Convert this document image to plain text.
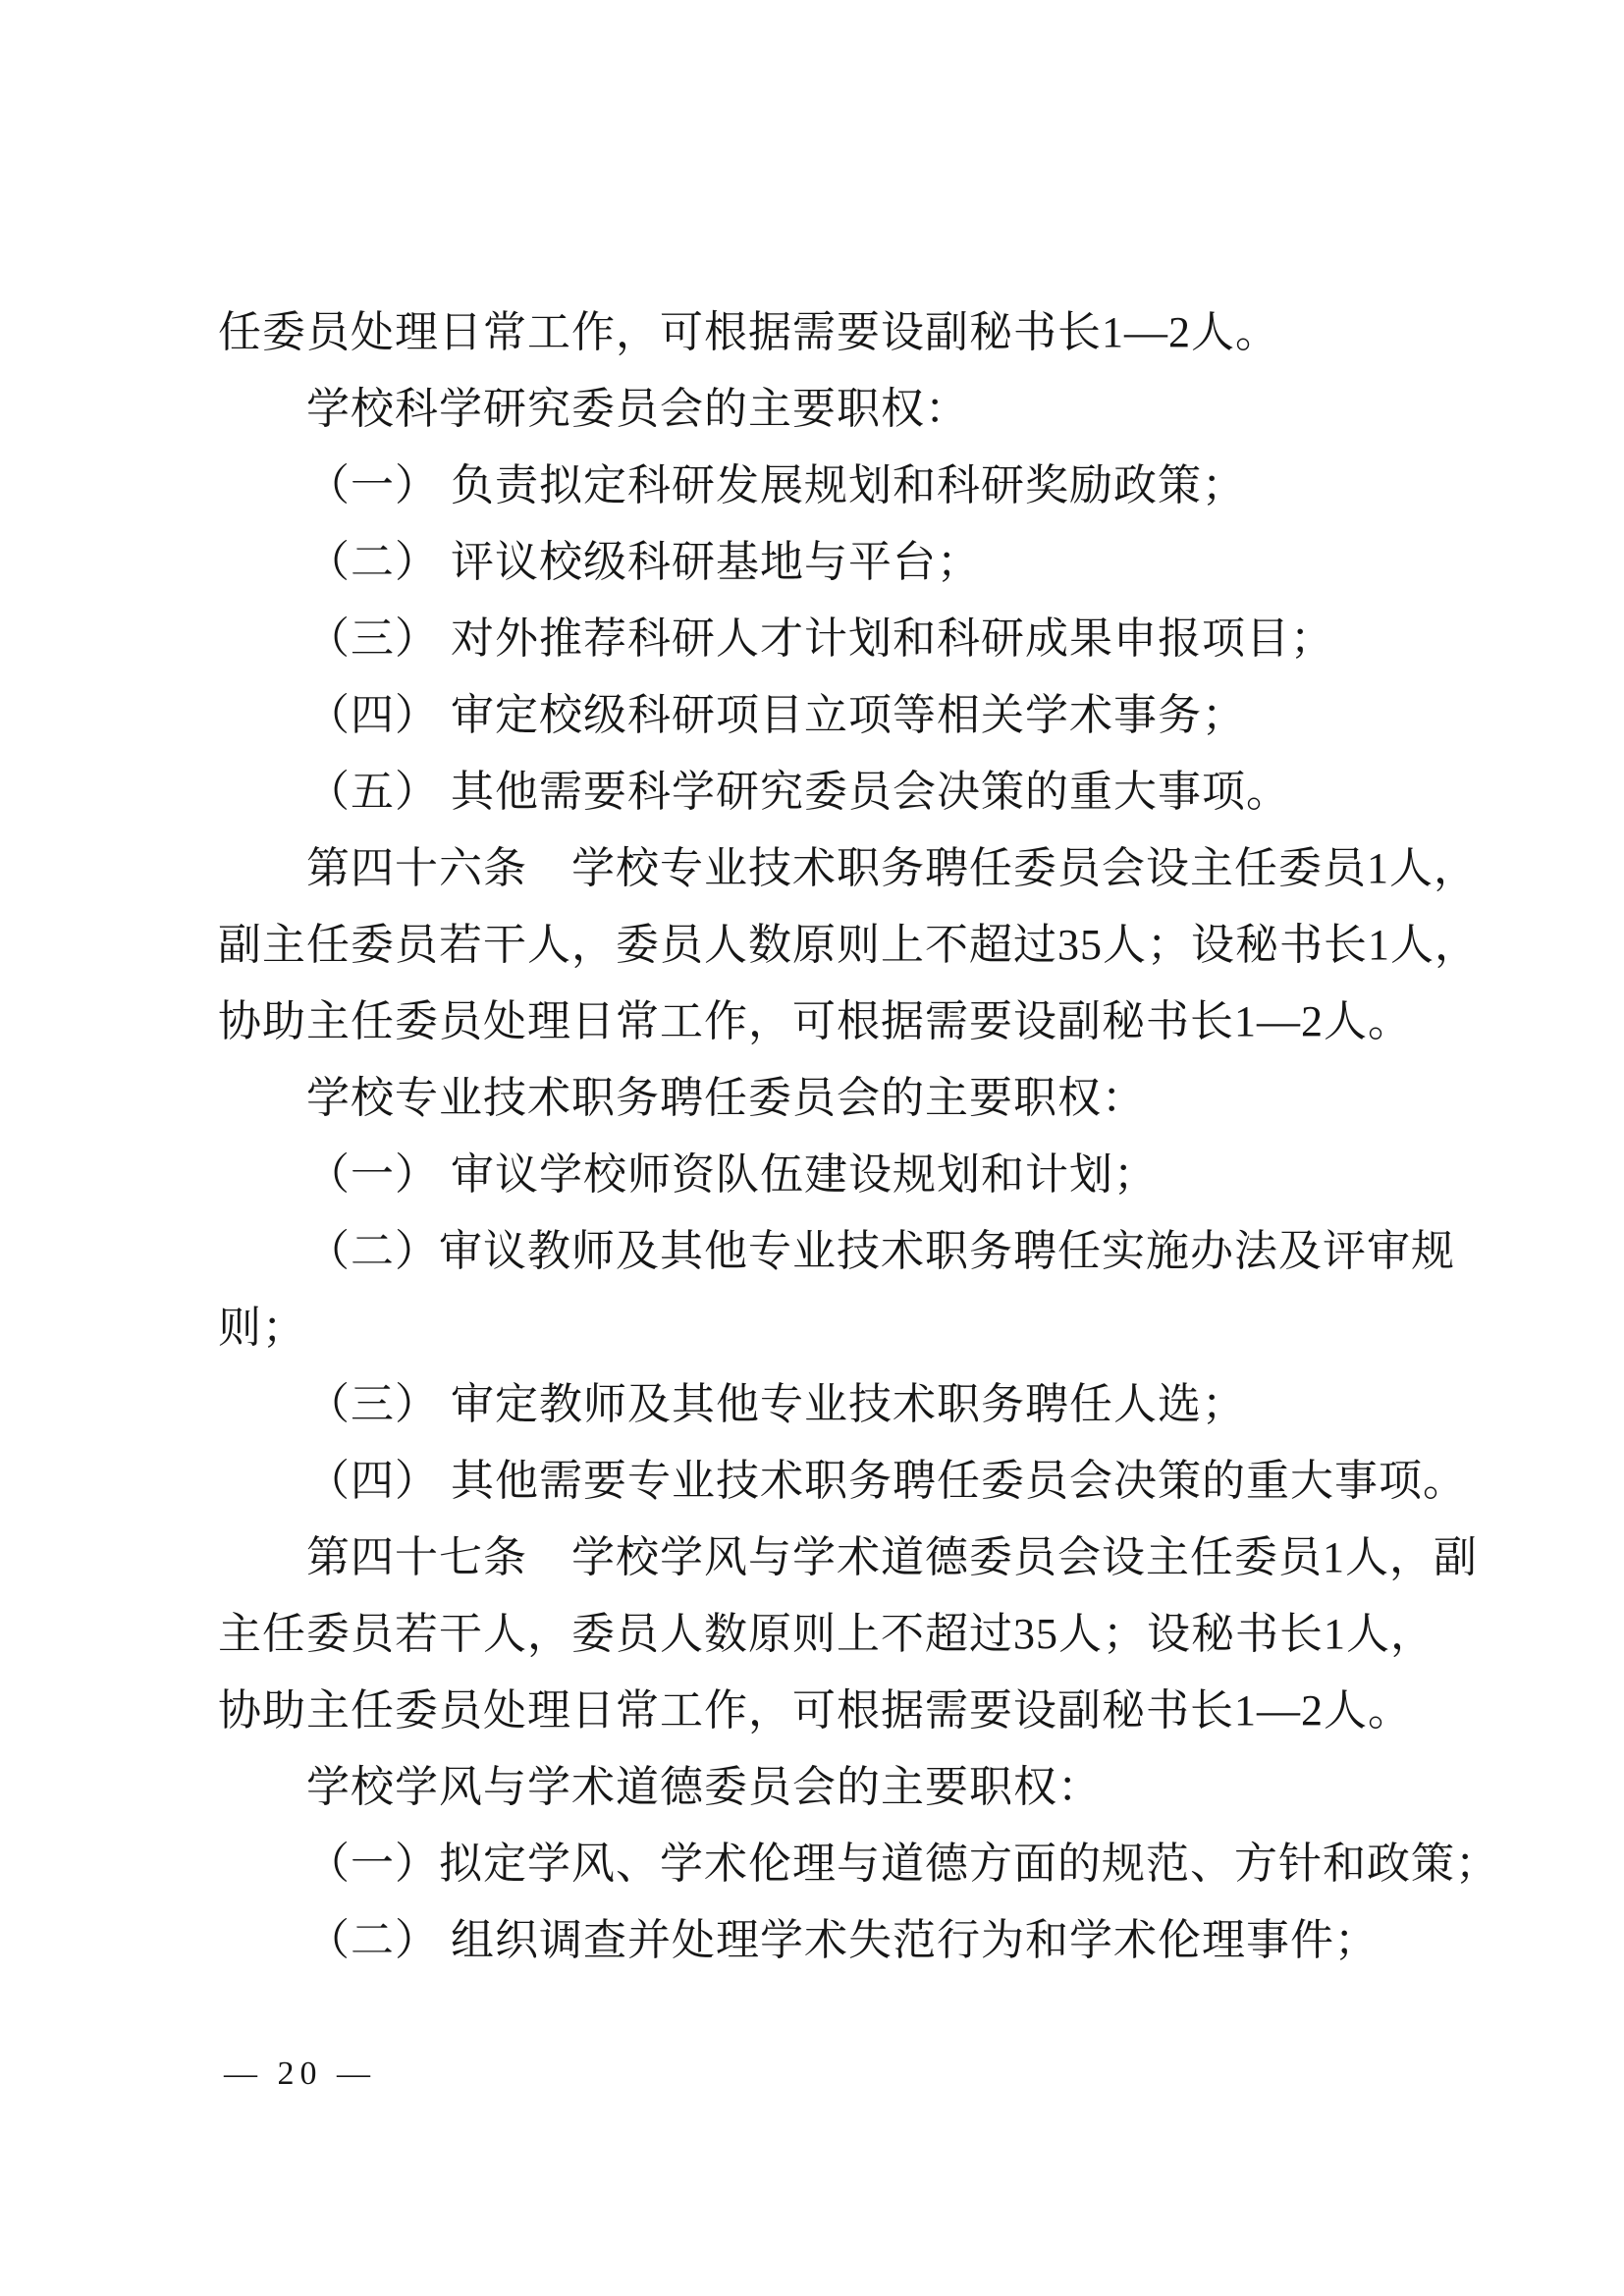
任委员处理日常工作，可根据需要设副秘书长1—2人。
学校科学研究委员会的主要职权：
（一） 负责拟定科研发展规划和科研奖励政策；
（二） 评议校级科研基地与平台；
（三） 对外推荐科研人才计划和科研成果申报项目；
（四） 审定校级科研项目立项等相关学术事务；
（五） 其他需要科学研究委员会决策的重大事项。
第四十六条　学校专业技术职务聘任委员会设主任委员1人，
副主任委员若干人，委员人数原则上不超过35人；设秘书长1人，
协助主任委员处理日常工作，可根据需要设副秘书长1—2人。
学校专业技术职务聘任委员会的主要职权：
（一） 审议学校师资队伍建设规划和计划；
（二）审议教师及其他专业技术职务聘任实施办法及评审规
则；
（三） 审定教师及其他专业技术职务聘任人选；
（四） 其他需要专业技术职务聘任委员会决策的重大事项。
第四十七条　学校学风与学术道德委员会设主任委员1人，副
主任委员若干人，委员人数原则上不超过35人；设秘书长1人，
协助主任委员处理日常工作，可根据需要设副秘书长1—2人。
学校学风与学术道德委员会的主要职权：
（一）拟定学风、学术伦理与道德方面的规范、方针和政策；
（二） 组织调查并处理学术失范行为和学术伦理事件；
— 20 —
